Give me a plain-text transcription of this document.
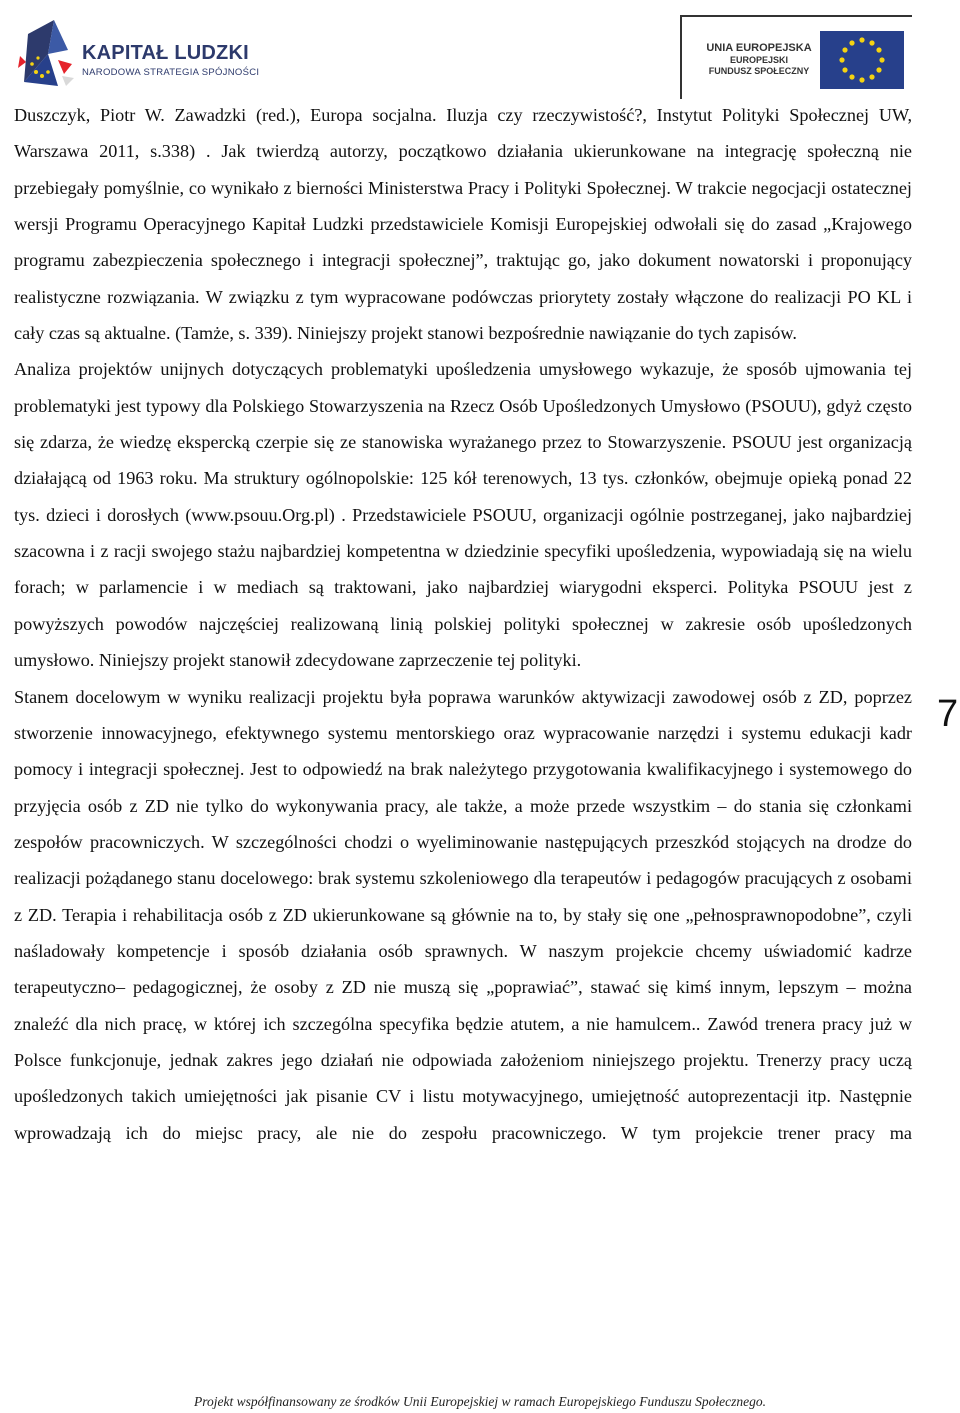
KAPITAŁ LUDZKI
NARODOWA STRATEGIA SPÓJNOŚCI
UNIA EUROPEJSKA
EUROPEJSKI
FUNDUSZ SPOŁECZNY

Duszczyk, Piotr W. Zawadzki (red.), Europa socjalna. Iluzja czy rzeczywistość?, Instytut Polityki Społecznej UW, Warszawa 2011, s.338) . Jak twierdzą autorzy, początkowo działania ukierunkowane na integrację społeczną nie przebiegały pomyślnie, co wynikało z bierności Ministerstwa Pracy i Polityki Społecznej. W trakcie negocjacji ostatecznej wersji Programu Operacyjnego Kapitał Ludzki przedstawiciele Komisji Europejskiej odwołali się do zasad „Krajowego programu zabezpieczenia społecznego i integracji społecznej”, traktując go, jako dokument nowatorski i proponujący realistyczne rozwiązania. W związku z tym wypracowane podówczas priorytety zostały włączone do realizacji PO KL i cały czas są aktualne. (Tamże, s. 339). Niniejszy projekt stanowi bezpośrednie nawiązanie do tych zapisów.

Analiza projektów unijnych dotyczących problematyki upośledzenia umysłowego wykazuje, że sposób ujmowania tej problematyki jest typowy dla Polskiego Stowarzyszenia na Rzecz Osób Upośledzonych Umysłowo (PSOUU), gdyż często się zdarza, że wiedzę ekspercką czerpie się ze stanowiska wyrażanego przez to Stowarzyszenie. PSOUU jest organizacją działającą od 1963 roku. Ma struktury ogólnopolskie: 125 kół terenowych, 13 tys. członków, obejmuje opieką ponad 22 tys. dzieci i dorosłych (www.psouu.Org.pl) . Przedstawiciele PSOUU, organizacji ogólnie postrzeganej, jako najbardziej szacowna i z racji swojego stażu najbardziej kompetentna w dziedzinie specyfiki upośledzenia, wypowiadają się na wielu forach; w parlamencie i w mediach są traktowani, jako najbardziej wiarygodni eksperci. Polityka PSOUU jest z powyższych powodów najczęściej realizowaną linią polskiej polityki społecznej w zakresie osób upośledzonych umysłowo. Niniejszy projekt stanowił zdecydowane zaprzeczenie tej polityki.

Stanem docelowym w wyniku realizacji projektu była poprawa warunków aktywizacji zawodowej osób z ZD, poprzez stworzenie innowacyjnego, efektywnego systemu mentorskiego oraz wypracowanie narzędzi i systemu edukacji kadr pomocy i integracji społecznej. Jest to odpowiedź na brak należytego przygotowania kwalifikacyjnego i systemowego do przyjęcia osób z ZD nie tylko do wykonywania pracy, ale także, a może przede wszystkim – do stania się członkami zespołów pracowniczych. W szczególności chodzi o wyeliminowanie następujących przeszkód stojących na drodze do realizacji pożądanego stanu docelowego: brak systemu szkoleniowego dla terapeutów i pedagogów pracujących z osobami z ZD. Terapia i rehabilitacja osób z ZD ukierunkowane są głównie na to, by stały się one „pełnosprawnopodobne”, czyli naśladowały kompetencje i sposób działania osób sprawnych. W naszym projekcie chcemy uświadomić kadrze terapeutyczno– pedagogicznej, że osoby z ZD nie muszą się „poprawiać”, stawać się kimś innym, lepszym – można znaleźć dla nich pracę, w której ich szczególna specyfika będzie atutem, a nie hamulcem.. Zawód trenera pracy już w Polsce funkcjonuje, jednak zakres jego działań nie odpowiada założeniom niniejszego projektu. Trenerzy pracy uczą upośledzonych takich umiejętności jak pisanie CV i listu motywacyjnego, umiejętność autoprezentacji itp. Następnie wprowadzają ich do miejsc pracy, ale nie do zespołu pracowniczego. W tym projekcie trener pracy ma

7
Projekt współfinansowany ze środków Unii Europejskiej w ramach Europejskiego Funduszu Społecznego.
